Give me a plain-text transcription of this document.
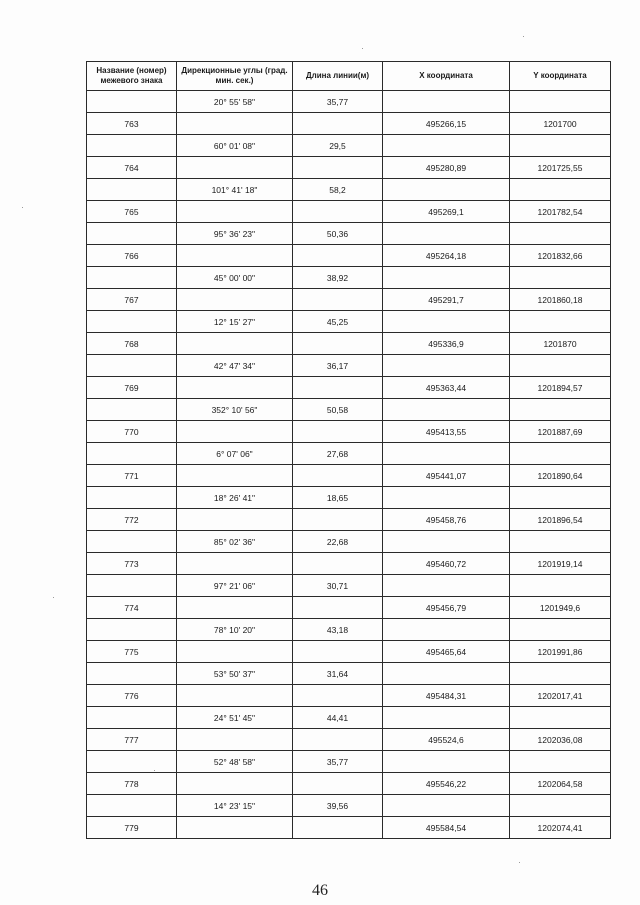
Название (номер) межевого знака	Дирекционные углы (град. мин. сек.)	Длина линии(м)	X координата	Y координата
	20° 55' 58"	35,77		
763			495266,15	1201700
	60° 01' 08"	29,5		
764			495280,89	1201725,55
	101° 41' 18"	58,2		
765			495269,1	1201782,54
	95° 36' 23"	50,36		
766			495264,18	1201832,66
	45° 00' 00"	38,92		
767			495291,7	1201860,18
	12° 15' 27"	45,25		
768			495336,9	1201870
	42° 47' 34"	36,17		
769			495363,44	1201894,57
	352° 10' 56"	50,58		
770			495413,55	1201887,69
	6° 07' 06"	27,68		
771			495441,07	1201890,64
	18° 26' 41"	18,65		
772			495458,76	1201896,54
	85° 02' 36"	22,68		
773			495460,72	1201919,14
	97° 21' 06"	30,71		
774			495456,79	1201949,6
	78° 10' 20"	43,18		
775			495465,64	1201991,86
	53° 50' 37"	31,64		
776			495484,31	1202017,41
	24° 51' 45"	44,41		
777			495524,6	1202036,08
	52° 48' 58"	35,77		
778			495546,22	1202064,58
	14° 23' 15"	39,56		
779			495584,54	1202074,41
46
